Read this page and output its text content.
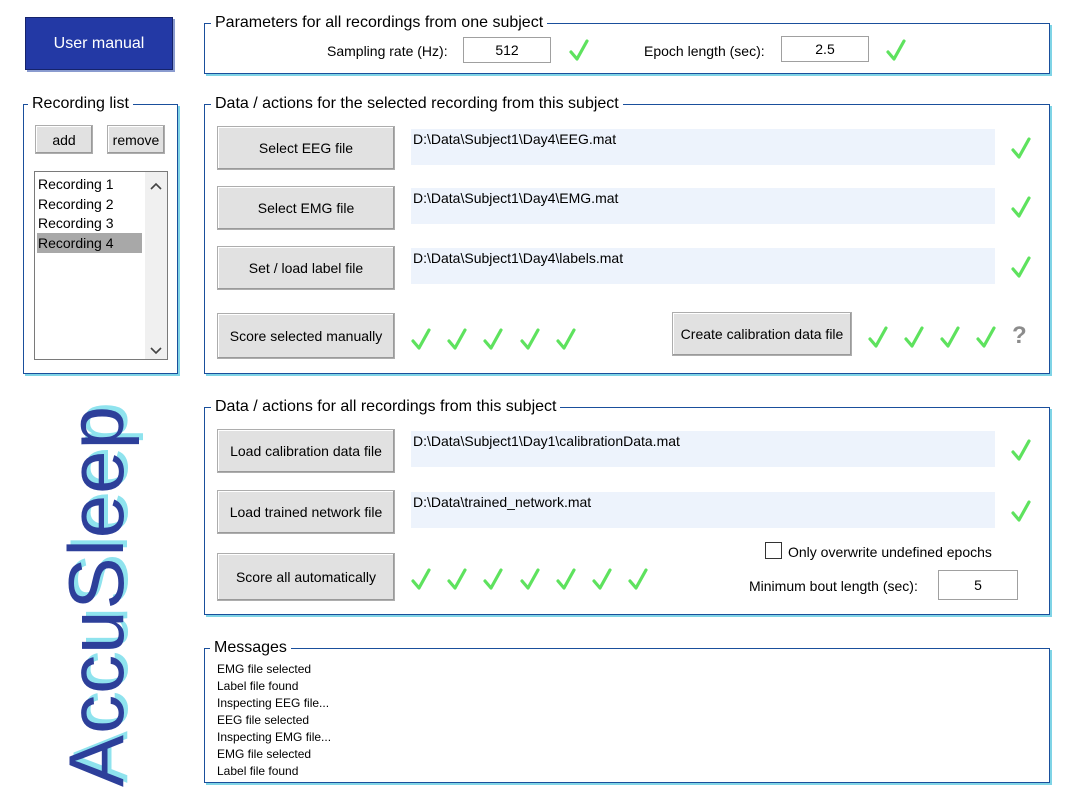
User manual
Parameters for all recordings from one subject
Sampling rate (Hz):	512	Epoch length (sec):	2.5
Recording list
add	remove
Recording 1
Recording 2
Recording 3
Recording 4
Data / actions for the selected recording from this subject
Select EEG file
D:\Data\Subject1\Day4\EEG.mat
Select EMG file
D:\Data\Subject1\Day4\EMG.mat
Set / load label file
D:\Data\Subject1\Day4\labels.mat
Score selected manually	Create calibration data file	?
Data / actions for all recordings from this subject
Load calibration data file
D:\Data\Subject1\Day1\calibrationData.mat
Load trained network file
D:\Data\trained_network.mat
Score all automatically
Only overwrite undefined epochs
Minimum bout length (sec):	5
Messages
EMG file selected
Label file found
Inspecting EEG file...
EEG file selected
Inspecting EMG file...
EMG file selected
Label file found
AccuSleep
